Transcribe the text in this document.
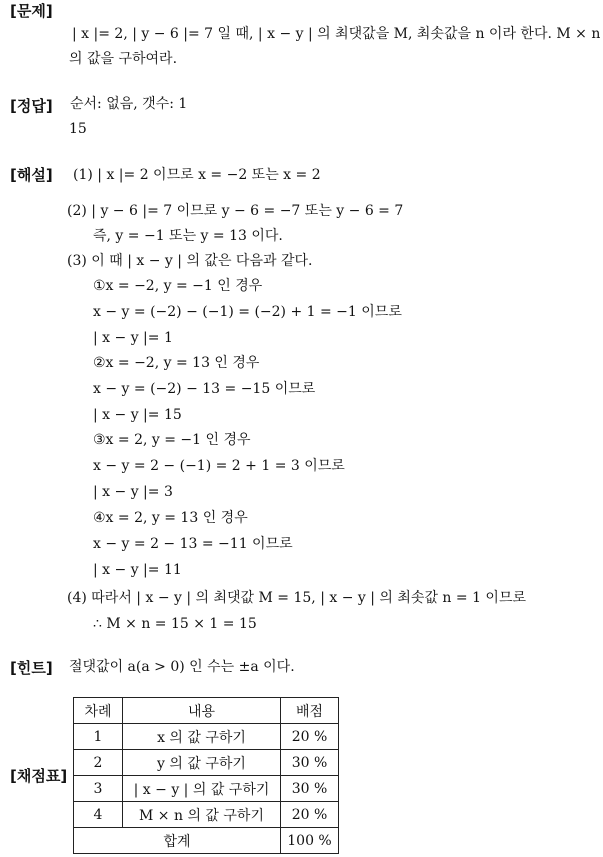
[문제]
[정답]
[해설]
[힌트]
[채점표]
| x |= 2, | y − 6 |= 7 일 때, | x − y | 의 최댓값을 M, 최솟값을 n 이라 한다. M × n
의 값을 구하여라.
순서: 없음, 갯수: 1
15
(1) | x |= 2 이므로 x = −2 또는 x = 2
(2) | y − 6 |= 7 이므로 y − 6 = −7 또는 y − 6 = 7
즉, y = −1 또는 y = 13 이다.
(3) 이 때 | x − y | 의 값은 다음과 같다.
①x = −2, y = −1 인 경우
x − y = (−2) − (−1) = (−2) + 1 = −1 이므로
| x − y |= 1
②x = −2, y = 13 인 경우
x − y = (−2) − 13 = −15 이므로
| x − y |= 15
③x = 2, y = −1 인 경우
x − y = 2 − (−1) = 2 + 1 = 3 이므로
| x − y |= 3
④x = 2, y = 13 인 경우
x − y = 2 − 13 = −11 이므로
| x − y |= 11
(4) 따라서 | x − y | 의 최댓값 M = 15, | x − y | 의 최솟값 n = 1 이므로
∴ M × n = 15 × 1 = 15
절댓값이 a(a > 0) 인 수는 ±a 이다.
차례	내용	배점
1	x 의 값 구하기	20 %
2	y 의 값 구하기	30 %
3	| x − y | 의 값 구하기	30 %
4	M × n 의 값 구하기	20 %
합계		100 %
